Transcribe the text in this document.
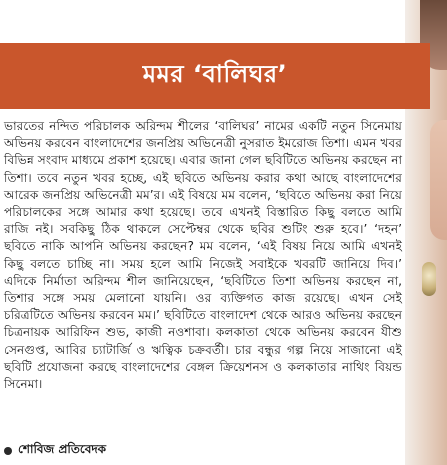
মমর ‘বালিঘর’

ভারতের নন্দিত পরিচালক অরিন্দম শীলের ‘বালিঘর’ নামের একটি নতুন সিনেমায় অভিনয় করবেন বাংলাদেশের জনপ্রিয় অভিনেত্রী নুসরাত ইমরোজ তিশা। এমন খবর বিভিন্ন সংবাদ মাধ্যমে প্রকাশ হয়েছে। এবার জানা গেল ছবিটিতে অভিনয় করছেন না তিশা। তবে নতুন খবর হচ্ছে, এই ছবিতে অভিনয় করার কথা আছে বাংলাদেশের আরেক জনপ্রিয় অভিনেত্রী মম’র। এই বিষয়ে মম বলেন, ‘ছবিতে অভিনয় করা নিয়ে পরিচালকের সঙ্গে আমার কথা হয়েছে। তবে এখনই বিস্তারিত কিছু বলতে আমি রাজি নই। সবকিছু ঠিক থাকলে সেপ্টেম্বর থেকে ছবির শুটিং শুরু হবে।’ ‘দহন’ ছবিতে নাকি আপনি অভিনয় করছেন? মম বলেন, ‘এই বিষয় নিয়ে আমি এখনই কিছু বলতে চাচ্ছি না। সময় হলে আমি নিজেই সবাইকে খবরটি জানিয়ে দিব।’ এদিকে নির্মাতা অরিন্দম শীল জানিয়েছেন, ‘ছবিটিতে তিশা অভিনয় করছেন না, তিশার সঙ্গে সময় মেলানো যায়নি। ওর ব্যক্তিগত কাজ রয়েছে। এখন সেই চরিত্রটিতে অভিনয় করবেন মম।’ ছবিটিতে বাংলাদেশ থেকে আরও অভিনয় করছেন চিত্রনায়ক আরিফিন শুভ, কাজী নওশাবা। কলকাতা থেকে অভিনয় করবেন যীশু সেনগুপ্ত, আবির চ্যাটার্জি ও ঋত্বিক চক্রবর্তী। চার বন্ধুর গল্প নিয়ে সাজানো এই ছবিটি প্রযোজনা করছে বাংলাদেশের বেঙ্গল ক্রিয়েশনস ও কলকাতার নাথিং বিয়ন্ড সিনেমা।

শোবিজ প্রতিবেদক
